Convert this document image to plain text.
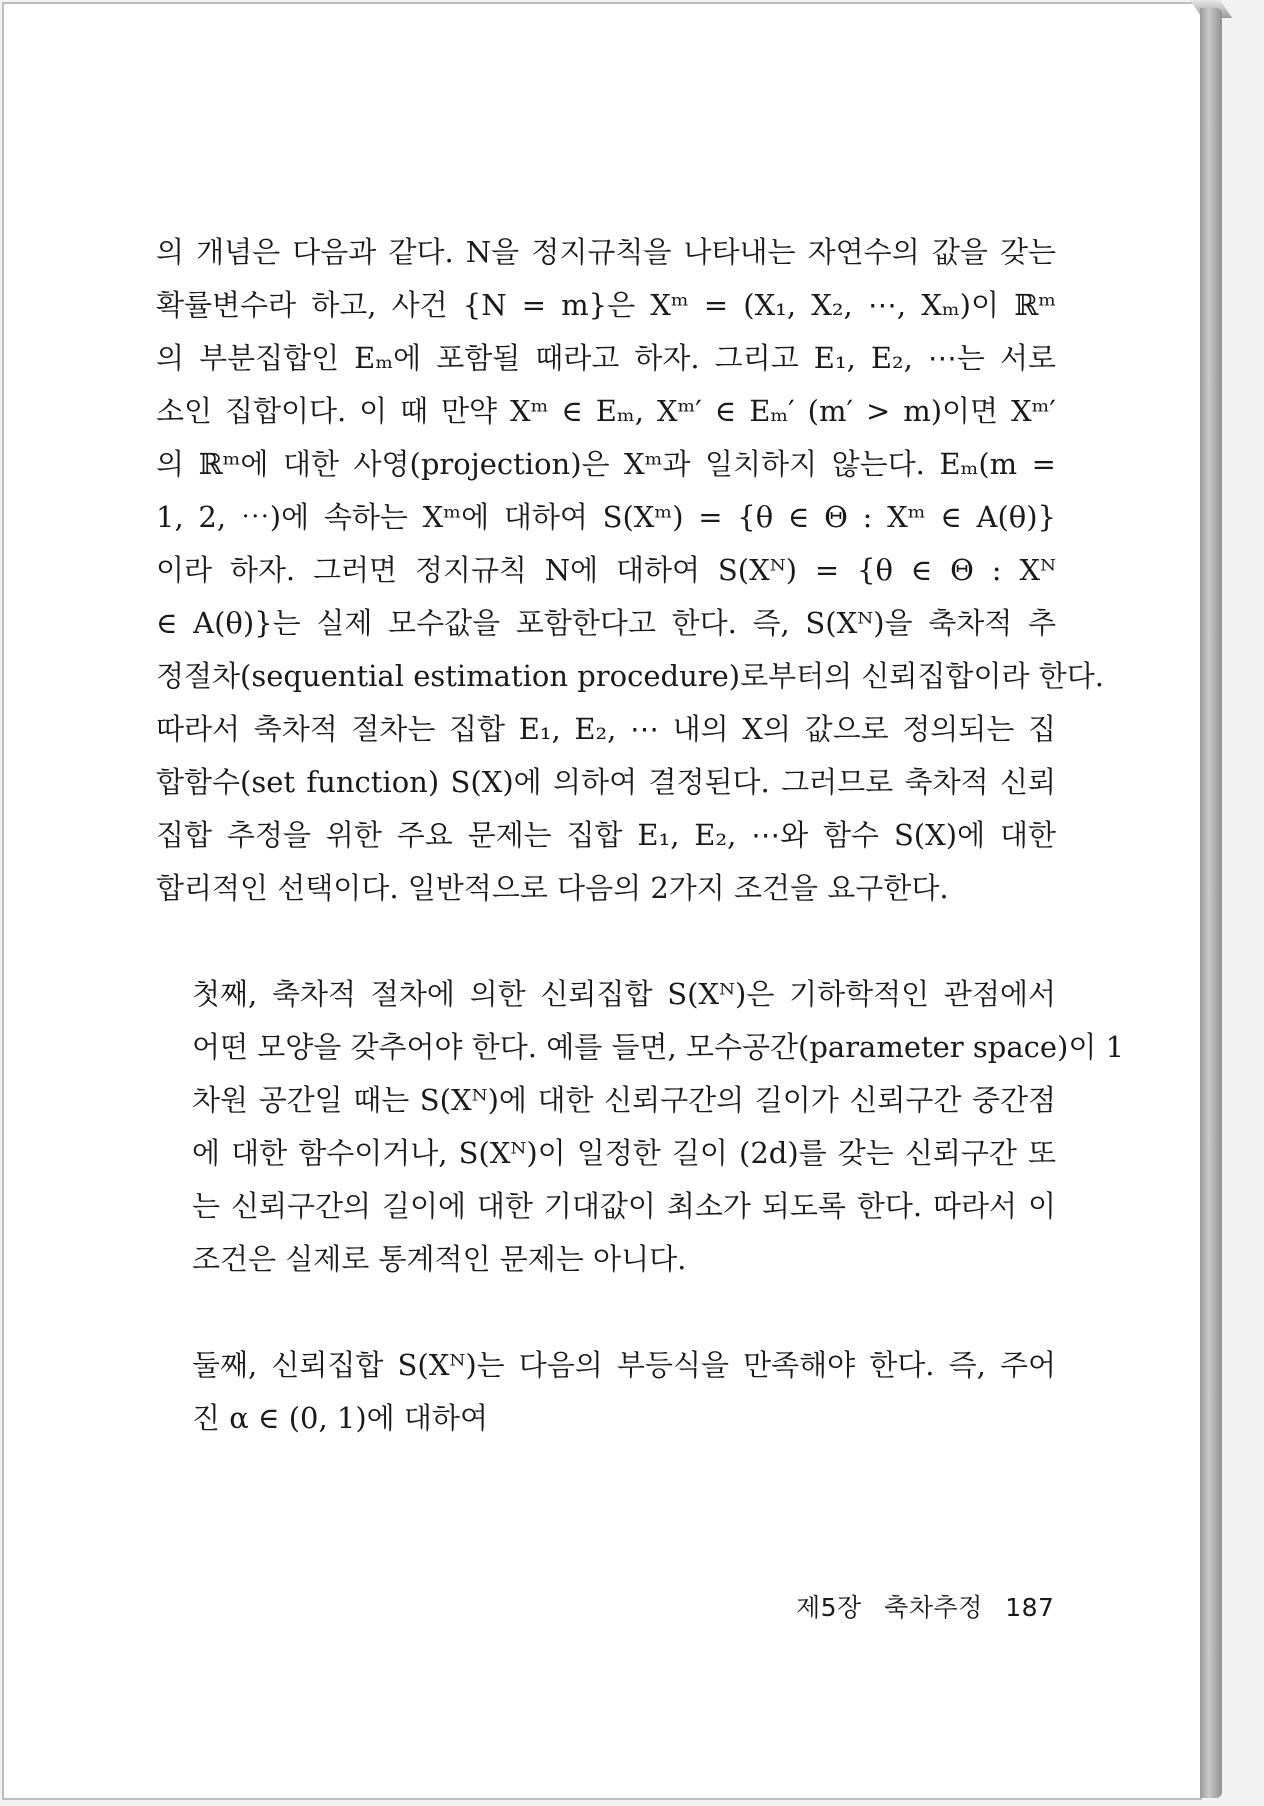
의 개념은 다음과 같다. N을 정지규칙을 나타내는 자연수의 값을 갖는
확률변수라 하고, 사건 {N = m}은 Xᵐ = (X₁, X₂, ⋯, Xₘ)이 ℝᵐ
의 부분집합인 Eₘ에 포함될 때라고 하자. 그리고 E₁, E₂, ⋯는 서로
소인 집합이다. 이 때 만약 Xᵐ ∈ Eₘ, Xᵐ′ ∈ Eₘ′ (m′ > m)이면 Xᵐ′
의 ℝᵐ에 대한 사영(projection)은 Xᵐ과 일치하지 않는다. Eₘ(m =
1, 2, ⋯)에 속하는 Xᵐ에 대하여 S(Xᵐ) = {θ ∈ Θ : Xᵐ ∈ A(θ)}
이라 하자. 그러면 정지규칙 N에 대하여 S(Xᴺ) = {θ ∈ Θ : Xᴺ
∈ A(θ)}는 실제 모수값을 포함한다고 한다. 즉, S(Xᴺ)을 축차적 추
정절차(sequential estimation procedure)로부터의 신뢰집합이라 한다.
따라서 축차적 절차는 집합 E₁, E₂, ⋯ 내의 X의 값으로 정의되는 집
합함수(set function) S(X)에 의하여 결정된다. 그러므로 축차적 신뢰
집합 추정을 위한 주요 문제는 집합 E₁, E₂, ⋯와 함수 S(X)에 대한
합리적인 선택이다. 일반적으로 다음의 2가지 조건을 요구한다.

첫째, 축차적 절차에 의한 신뢰집합 S(Xᴺ)은 기하학적인 관점에서
어떤 모양을 갖추어야 한다. 예를 들면, 모수공간(parameter space)이 1
차원 공간일 때는 S(Xᴺ)에 대한 신뢰구간의 길이가 신뢰구간 중간점
에 대한 함수이거나, S(Xᴺ)이 일정한 길이 (2d)를 갖는 신뢰구간 또
는 신뢰구간의 길이에 대한 기대값이 최소가 되도록 한다. 따라서 이
조건은 실제로 통계적인 문제는 아니다.

둘째, 신뢰집합 S(Xᴺ)는 다음의 부등식을 만족해야 한다. 즉, 주어
진 α ∈ (0, 1)에 대하여

제5장 축차추정 187
